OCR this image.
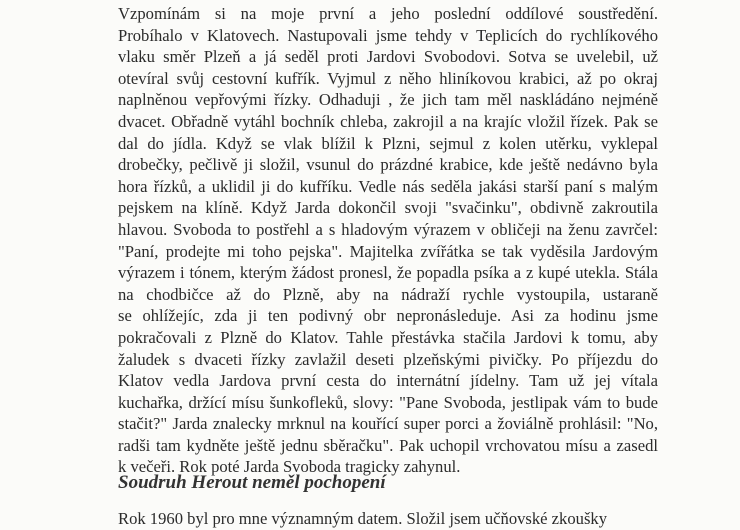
Vzpomínám si na moje první a jeho poslední oddílové soustředění.
Probíhalo v Klatovech. Nastupovali jsme tehdy v Teplicích do rychlíkového
vlaku směr Plzeň a já seděl proti Jardovi Svobodovi. Sotva se uvelebil, už
otevíral svůj cestovní kufřík. Vyjmul z něho hliníkovou krabici, až po okraj
naplněnou vepřovými řízky. Odhaduji , že jich tam měl naskládáno nejméně
dvacet. Obřadně vytáhl bochník chleba, zakrojil a na krajíc vložil řízek. Pak se
dal do jídla. Když se vlak blížil k Plzni, sejmul z kolen utěrku, vyklepal
drobečky, pečlivě ji složil, vsunul do prázdné krabice, kde ještě nedávno byla
hora řízků, a uklidil ji do kufříku. Vedle nás seděla jakási starší paní s malým
pejskem na klíně. Když Jarda dokončil svoji "svačinku", obdivně zakroutila
hlavou. Svoboda to postřehl a s hladovým výrazem v obličeji na ženu zavrčel:
"Paní, prodejte mi toho pejska". Majitelka zvířátka se tak vyděsila Jardovým
výrazem i tónem, kterým žádost pronesl, že popadla psíka a z kupé utekla. Stála
na chodbičce až do Plzně, aby na nádraží rychle vystoupila, ustaraně
se ohlížejíc, zda ji ten podivný obr nepronásleduje. Asi za hodinu jsme
pokračovali z Plzně do Klatov. Tahle přestávka stačila Jardovi k tomu, aby
žaludek s dvaceti řízky zavlažil deseti plzeňskými pivičky. Po příjezdu do
Klatov vedla Jardova první cesta do internátní jídelny. Tam už jej vítala
kuchařka, držící mísu šunkofleků, slovy: "Pane Svoboda, jestlipak vám to bude
stačit?" Jarda znalecky mrknul na kouřící super porci a žoviálně prohlásil: "No,
radši tam kydněte ještě jednu sběračku". Pak uchopil vrchovatou mísu a zasedl
k večeři. Rok poté Jarda Svoboda tragicky zahynul.

Soudruh Herout neměl pochopení

Rok 1960 byl pro mne významným datem. Složil jsem učňovské zkoušky
